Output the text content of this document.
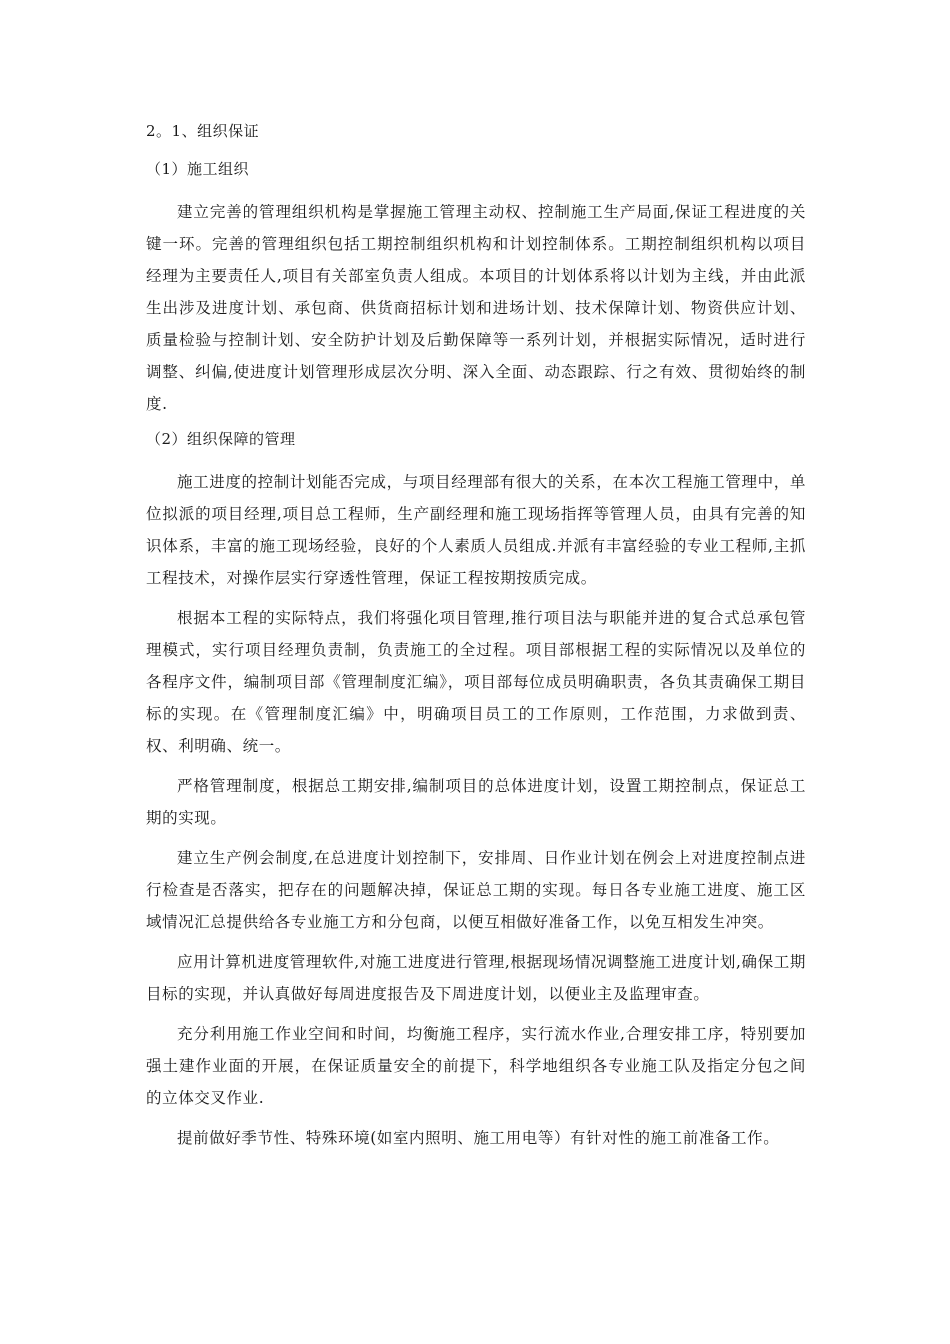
2。1、组织保证
（1）施工组织

建立完善的管理组织机构是掌握施工管理主动权、控制施工生产局面,保证工程进度的关键一环。完善的管理组织包括工期控制组织机构和计划控制体系。工期控制组织机构以项目经理为主要责任人,项目有关部室负责人组成。本项目的计划体系将以计划为主线，并由此派生出涉及进度计划、承包商、供货商招标计划和进场计划、技术保障计划、物资供应计划、质量检验与控制计划、安全防护计划及后勤保障等一系列计划，并根据实际情况，适时进行调整、纠偏,使进度计划管理形成层次分明、深入全面、动态跟踪、行之有效、贯彻始终的制度.

（2）组织保障的管理

施工进度的控制计划能否完成，与项目经理部有很大的关系，在本次工程施工管理中，单位拟派的项目经理,项目总工程师，生产副经理和施工现场指挥等管理人员，由具有完善的知识体系，丰富的施工现场经验，良好的个人素质人员组成.并派有丰富经验的专业工程师,主抓工程技术，对操作层实行穿透性管理，保证工程按期按质完成。

根据本工程的实际特点，我们将强化项目管理,推行项目法与职能并进的复合式总承包管理模式，实行项目经理负责制，负责施工的全过程。项目部根据工程的实际情况以及单位的各程序文件，编制项目部《管理制度汇编》，项目部每位成员明确职责，各负其责确保工期目标的实现。在《管理制度汇编》中，明确项目员工的工作原则，工作范围，力求做到责、权、利明确、统一。

严格管理制度，根据总工期安排,编制项目的总体进度计划，设置工期控制点，保证总工期的实现。

建立生产例会制度,在总进度计划控制下，安排周、日作业计划在例会上对进度控制点进行检查是否落实，把存在的问题解决掉，保证总工期的实现。每日各专业施工进度、施工区域情况汇总提供给各专业施工方和分包商，以便互相做好准备工作，以免互相发生冲突。

应用计算机进度管理软件,对施工进度进行管理,根据现场情况调整施工进度计划,确保工期目标的实现，并认真做好每周进度报告及下周进度计划，以便业主及监理审查。

充分利用施工作业空间和时间，均衡施工程序，实行流水作业,合理安排工序，特别要加强土建作业面的开展，在保证质量安全的前提下，科学地组织各专业施工队及指定分包之间的立体交叉作业.

提前做好季节性、特殊环境(如室内照明、施工用电等）有针对性的施工前准备工作。
